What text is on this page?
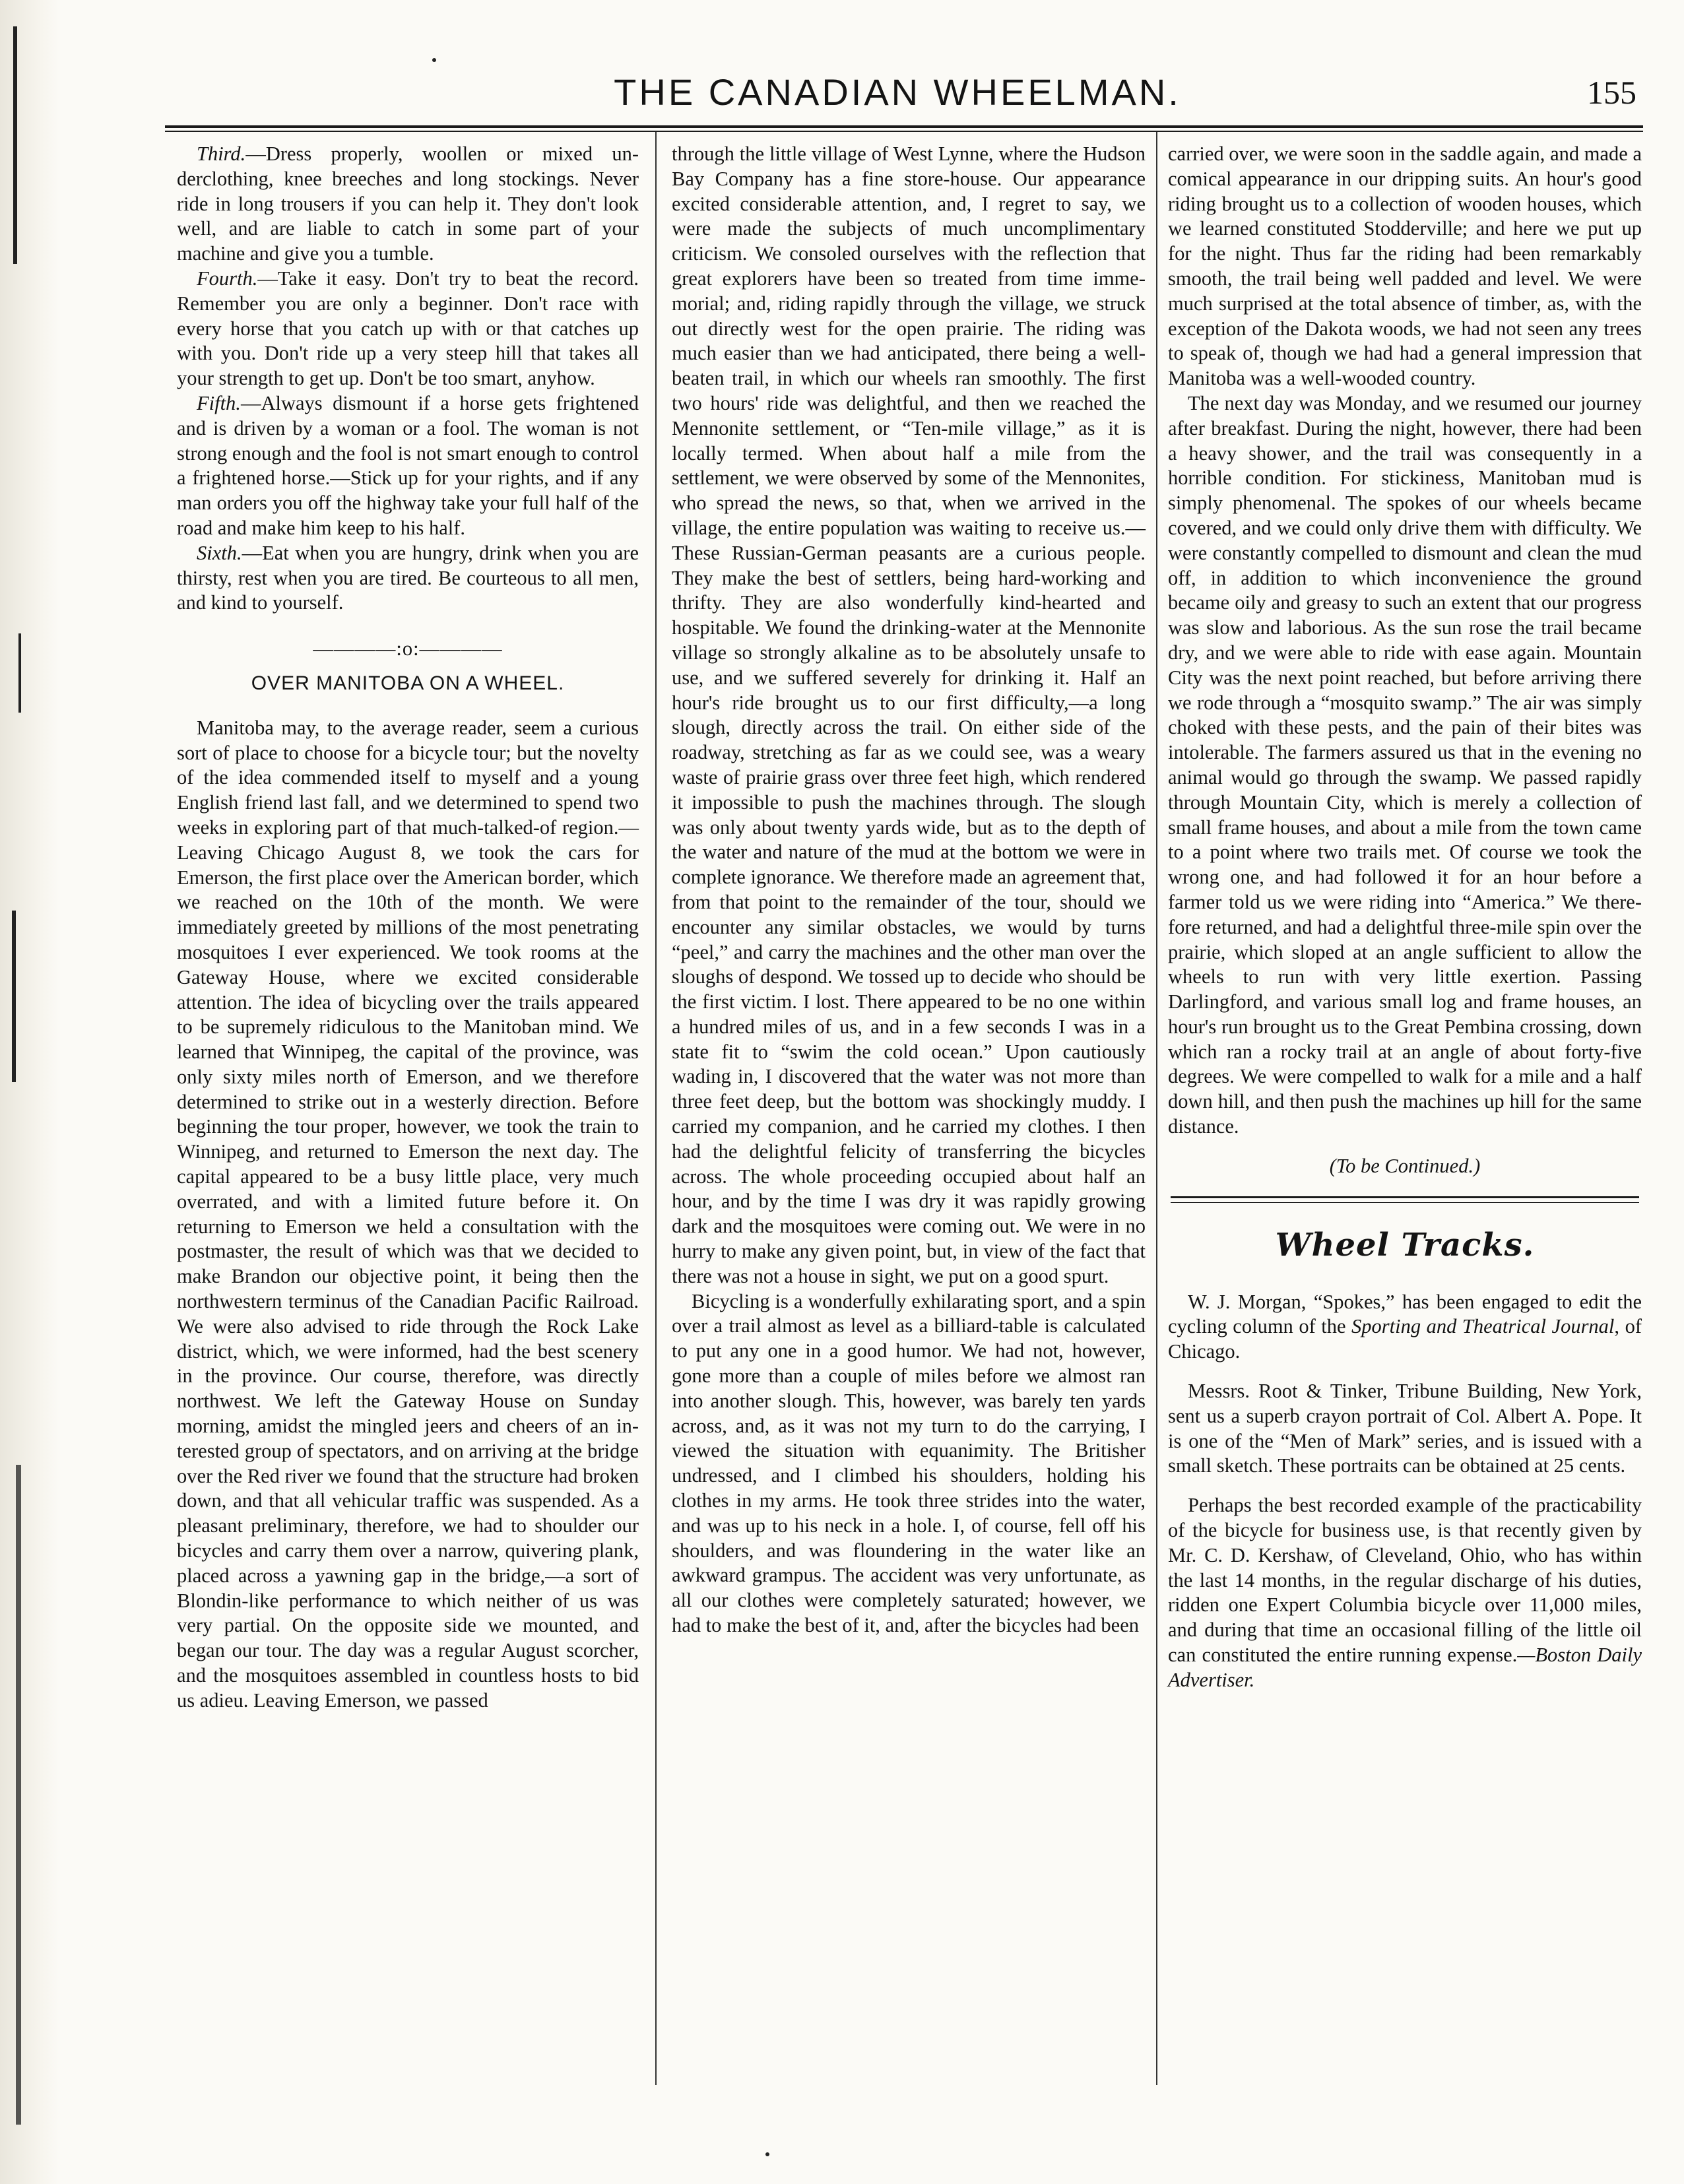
THE CANADIAN WHEELMAN.	155

Third.—Dress properly, woollen or mixed underclothing, knee breeches and long stockings. Never ride in long trousers if you can help it. They don't look well, and are liable to catch in some part of your machine and give you a tumble.

Fourth.—Take it easy. Don't try to beat the record. Remember you are only a beginner. Don't race with every horse that you catch up with or that catches up with you. Don't ride up a very steep hill that takes all your strength to get up. Don't be too smart, anyhow.

Fifth.—Always dismount if a horse gets frightened and is driven by a woman or a fool. The woman is not strong enough and the fool is not smart enough to control a frightened horse.—Stick up for your rights, and if any man orders you off the highway take your full half of the road and make him keep to his half.

Sixth.—Eat when you are hungry, drink when you are thirsty, rest when you are tired. Be courteous to all men, and kind to yourself.

————:o:————

OVER MANITOBA ON A WHEEL.

Manitoba may, to the average reader, seem a curious sort of place to choose for a bicycle tour; but the novelty of the idea commended itself to myself and a young English friend last fall, and we determined to spend two weeks in exploring part of that much-talked-of region.—Leaving Chicago August 8, we took the cars for Emerson, the first place over the American border, which we reached on the 10th of the month. We were immediately greeted by millions of the most penetrating mosquitoes I ever experienced. We took rooms at the Gateway House, where we excited considerable attention. The idea of bicycling over the trails appeared to be supremely ridiculous to the Manitoban mind. We learned that Winnipeg, the capital of the province, was only sixty miles north of Emerson, and we therefore determined to strike out in a westerly direction. Before beginning the tour proper, however, we took the train to Winnipeg, and returned to Emerson the next day. The capital appeared to be a busy little place, very much overrated, and with a limited future before it. On returning to Emerson we held a consultation with the postmaster, the result of which was that we decided to make Brandon our objective point, it being then the northwestern terminus of the Canadian Pacific Railroad. We were also advised to ride through the Rock Lake district, which, we were informed, had the best scenery in the province. Our course, therefore, was directly northwest. We left the Gateway House on Sunday morning, amidst the mingled jeers and cheers of an interested group of spectators, and on arriving at the bridge over the Red river we found that the structure had broken down, and that all vehicular traffic was suspended. As a pleasant preliminary, therefore, we had to shoulder our bicycles and carry them over a narrow, quivering plank, placed across a yawning gap in the bridge,—a sort of Blondin-like performance to which neither of us was very partial. On the opposite side we mounted, and began our tour. The day was a regular August scorcher, and the mosquitoes assembled in countless hosts to bid us adieu. Leaving Emerson, we passed

through the little village of West Lynne, where the Hudson Bay Company has a fine store-house. Our appearance excited considerable attention, and, I regret to say, we were made the subjects of much uncomplimentary criticism. We consoled ourselves with the reflection that great explorers have been so treated from time immemorial; and, riding rapidly through the village, we struck out directly west for the open prairie. The riding was much easier than we had anticipated, there being a well-beaten trail, in which our wheels ran smoothly. The first two hours' ride was delightful, and then we reached the Mennonite settlement, or “Ten-mile village,” as it is locally termed. When about half a mile from the settlement, we were observed by some of the Mennonites, who spread the news, so that, when we arrived in the village, the entire population was waiting to receive us.—These Russian-German peasants are a curious people. They make the best of settlers, being hard-working and thrifty. They are also wonderfully kind-hearted and hospitable. We found the drinking-water at the Mennonite village so strongly alkaline as to be absolutely unsafe to use, and we suffered severely for drinking it. Half an hour's ride brought us to our first difficulty,—a long slough, directly across the trail. On either side of the roadway, stretching as far as we could see, was a weary waste of prairie grass over three feet high, which rendered it impossible to push the machines through. The slough was only about twenty yards wide, but as to the depth of the water and nature of the mud at the bottom we were in complete ignorance. We therefore made an agreement that, from that point to the remainder of the tour, should we encounter any similar obstacles, we would by turns “peel,” and carry the machines and the other man over the sloughs of despond. We tossed up to decide who should be the first victim. I lost. There appeared to be no one within a hundred miles of us, and in a few seconds I was in a state fit to “swim the cold ocean.” Upon cautiously wading in, I discovered that the water was not more than three feet deep, but the bottom was shockingly muddy. I carried my companion, and he carried my clothes. I then had the delightful felicity of transferring the bicycles across. The whole proceeding occupied about half an hour, and by the time I was dry it was rapidly growing dark and the mosquitoes were coming out. We were in no hurry to make any given point, but, in view of the fact that there was not a house in sight, we put on a good spurt.

Bicycling is a wonderfully exhilarating sport, and a spin over a trail almost as level as a billiard-table is calculated to put any one in a good humor. We had not, however, gone more than a couple of miles before we almost ran into another slough. This, however, was barely ten yards across, and, as it was not my turn to do the carrying, I viewed the situation with equanimity. The Britisher undressed, and I climbed his shoulders, holding his clothes in my arms. He took three strides into the water, and was up to his neck in a hole. I, of course, fell off his shoulders, and was floundering in the water like an awkward grampus. The accident was very unfortunate, as all our clothes were completely saturated; however, we had to make the best of it, and, after the bicycles had been

carried over, we were soon in the saddle again, and made a comical appearance in our dripping suits. An hour's good riding brought us to a collection of wooden houses, which we learned constituted Stodderville; and here we put up for the night. Thus far the riding had been remarkably smooth, the trail being well padded and level. We were much surprised at the total absence of timber, as, with the exception of the Dakota woods, we had not seen any trees to speak of, though we had had a general impression that Manitoba was a well-wooded country.

The next day was Monday, and we resumed our journey after breakfast. During the night, however, there had been a heavy shower, and the trail was consequently in a horrible condition. For stickiness, Manitoban mud is simply phenomenal. The spokes of our wheels became covered, and we could only drive them with difficulty. We were constantly compelled to dismount and clean the mud off, in addition to which inconvenience the ground became oily and greasy to such an extent that our progress was slow and laborious. As the sun rose the trail became dry, and we were able to ride with ease again. Mountain City was the next point reached, but before arriving there we rode through a “mosquito swamp.” The air was simply choked with these pests, and the pain of their bites was intolerable. The farmers assured us that in the evening no animal would go through the swamp. We passed rapidly through Mountain City, which is merely a collection of small frame houses, and about a mile from the town came to a point where two trails met. Of course we took the wrong one, and had followed it for an hour before a farmer told us we were riding into “America.” We therefore returned, and had a delightful three-mile spin over the prairie, which sloped at an angle sufficient to allow the wheels to run with very little exertion. Passing Darlingford, and various small log and frame houses, an hour's run brought us to the Great Pembina crossing, down which ran a rocky trail at an angle of about forty-five degrees. We were compelled to walk for a mile and a half down hill, and then push the machines up hill for the same distance.

(To be Continued.)

Wheel Tracks.

W. J. Morgan, “Spokes,” has been engaged to edit the cycling column of the Sporting and Theatrical Journal, of Chicago.

Messrs. Root & Tinker, Tribune Building, New York, sent us a superb crayon portrait of Col. Albert A. Pope. It is one of the “Men of Mark” series, and is issued with a small sketch. These portraits can be obtained at 25 cents.

Perhaps the best recorded example of the practicability of the bicycle for business use, is that recently given by Mr. C. D. Kershaw, of Cleveland, Ohio, who has within the last 14 months, in the regular discharge of his duties, ridden one Expert Columbia bicycle over 11,000 miles, and during that time an occasional filling of the little oil can constituted the entire running expense.—Boston Daily Advertiser.
